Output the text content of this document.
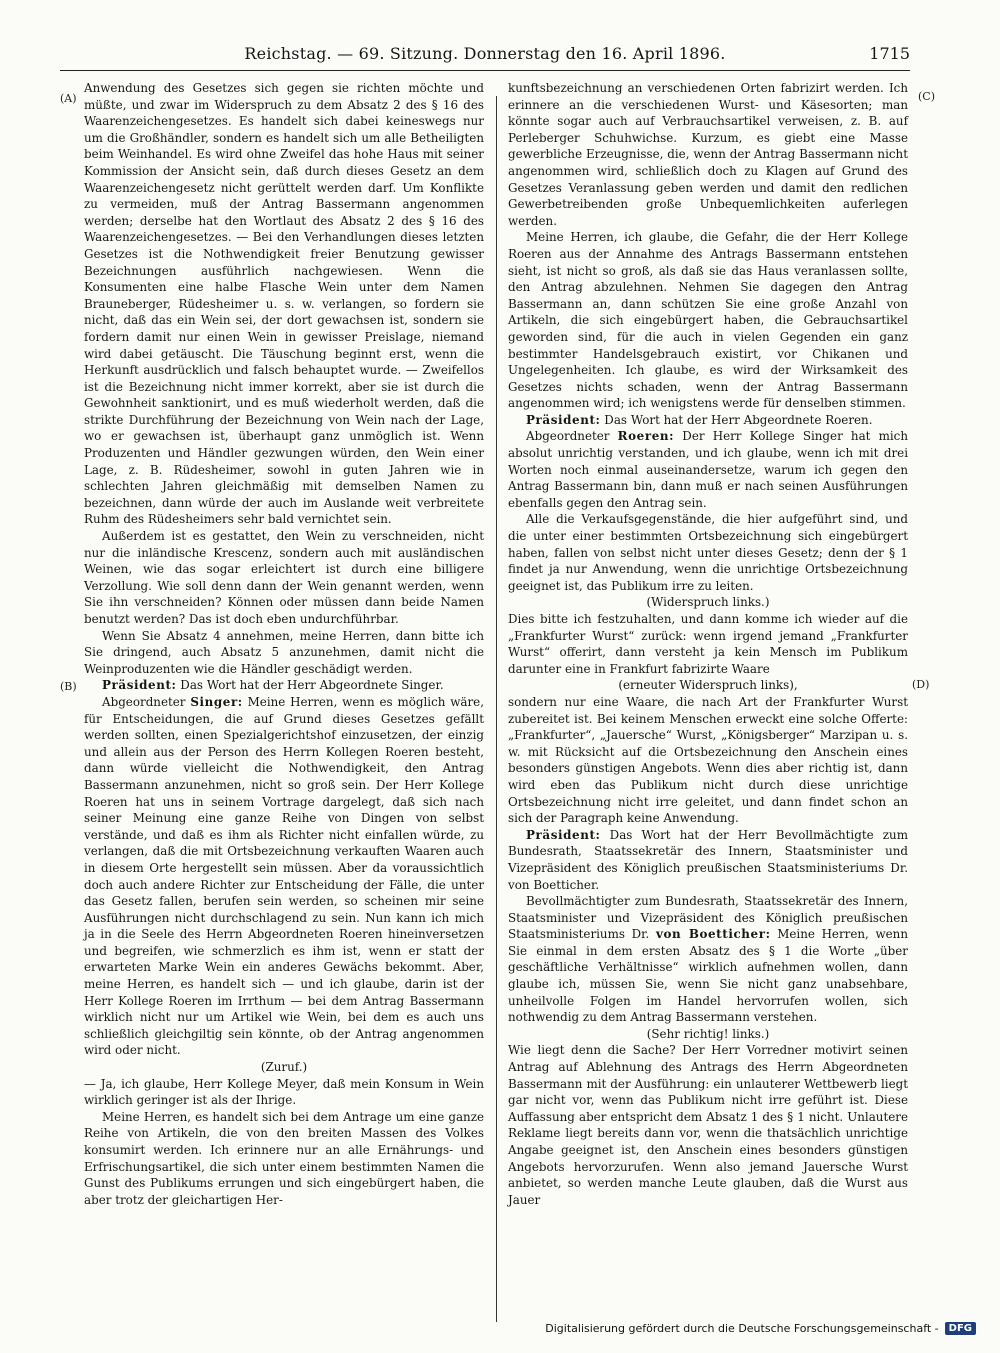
Reichstag. — 69. Sitzung. Donnerstag den 16. April 1896.	1715
(A)
(B)
(C)
(D)

Anwendung des Gesetzes sich gegen sie richten möchte und müßte, und zwar im Widerspruch zu dem Absatz 2 des § 16 des Waarenzeichengesetzes. Es handelt sich dabei keineswegs nur um die Großhändler, sondern es handelt sich um alle Betheiligten beim Weinhandel. Es wird ohne Zweifel das hohe Haus mit seiner Kommission der Ansicht sein, daß durch dieses Gesetz an dem Waarenzeichengesetz nicht gerüttelt werden darf. Um Konflikte zu vermeiden, muß der Antrag Bassermann angenommen werden; derselbe hat den Wortlaut des Absatz 2 des § 16 des Waarenzeichengesetzes. — Bei den Verhandlungen dieses letzten Gesetzes ist die Nothwendigkeit freier Benutzung gewisser Bezeichnungen ausführlich nachgewiesen. Wenn die Konsumenten eine halbe Flasche Wein unter dem Namen Brauneberger, Rüdesheimer u. s. w. verlangen, so fordern sie nicht, daß das ein Wein sei, der dort gewachsen ist, sondern sie fordern damit nur einen Wein in gewisser Preislage, niemand wird dabei getäuscht. Die Täuschung beginnt erst, wenn die Herkunft ausdrücklich und falsch behauptet wurde. — Zweifellos ist die Bezeichnung nicht immer korrekt, aber sie ist durch die Gewohnheit sanktionirt, und es muß wiederholt werden, daß die strikte Durchführung der Bezeichnung von Wein nach der Lage, wo er gewachsen ist, überhaupt ganz unmöglich ist. Wenn Produzenten und Händler gezwungen würden, den Wein einer Lage, z. B. Rüdesheimer, sowohl in guten Jahren wie in schlechten Jahren gleichmäßig mit demselben Namen zu bezeichnen, dann würde der auch im Auslande weit verbreitete Ruhm des Rüdesheimers sehr bald vernichtet sein.

Außerdem ist es gestattet, den Wein zu verschneiden, nicht nur die inländische Krescenz, sondern auch mit ausländischen Weinen, wie das sogar erleichtert ist durch eine billigere Verzollung. Wie soll denn dann der Wein genannt werden, wenn Sie ihn verschneiden? Können oder müssen dann beide Namen benutzt werden? Das ist doch eben undurchführbar.

Wenn Sie Absatz 4 annehmen, meine Herren, dann bitte ich Sie dringend, auch Absatz 5 anzunehmen, damit nicht die Weinproduzenten wie die Händler geschädigt werden.

Präsident: Das Wort hat der Herr Abgeordnete Singer.

Abgeordneter Singer: Meine Herren, wenn es möglich wäre, für Entscheidungen, die auf Grund dieses Gesetzes gefällt werden sollten, einen Spezialgerichtshof einzusetzen, der einzig und allein aus der Person des Herrn Kollegen Roeren besteht, dann würde vielleicht die Nothwendigkeit, den Antrag Bassermann anzunehmen, nicht so groß sein. Der Herr Kollege Roeren hat uns in seinem Vortrage dargelegt, daß sich nach seiner Meinung eine ganze Reihe von Dingen von selbst verstände, und daß es ihm als Richter nicht einfallen würde, zu verlangen, daß die mit Ortsbezeichnung verkauften Waaren auch in diesem Orte hergestellt sein müssen. Aber da voraussichtlich doch auch andere Richter zur Entscheidung der Fälle, die unter das Gesetz fallen, berufen sein werden, so scheinen mir seine Ausführungen nicht durchschlagend zu sein. Nun kann ich mich ja in die Seele des Herrn Abgeordneten Roeren hineinversetzen und begreifen, wie schmerzlich es ihm ist, wenn er statt der erwarteten Marke Wein ein anderes Gewächs bekommt. Aber, meine Herren, es handelt sich — und ich glaube, darin ist der Herr Kollege Roeren im Irrthum — bei dem Antrag Bassermann wirklich nicht nur um Artikel wie Wein, bei dem es auch uns schließlich gleichgiltig sein könnte, ob der Antrag angenommen wird oder nicht.

(Zuruf.)

— Ja, ich glaube, Herr Kollege Meyer, daß mein Konsum in Wein wirklich geringer ist als der Ihrige.

Meine Herren, es handelt sich bei dem Antrage um eine ganze Reihe von Artikeln, die von den breiten Massen des Volkes konsumirt werden. Ich erinnere nur an alle Ernährungs- und Erfrischungsartikel, die sich unter einem bestimmten Namen die Gunst des Publikums errungen und sich eingebürgert haben, die aber trotz der gleichartigen Her-

kunftsbezeichnung an verschiedenen Orten fabrizirt werden. Ich erinnere an die verschiedenen Wurst- und Käsesorten; man könnte sogar auch auf Verbrauchsartikel verweisen, z. B. auf Perleberger Schuhwichse. Kurzum, es giebt eine Masse gewerbliche Erzeugnisse, die, wenn der Antrag Bassermann nicht angenommen wird, schließlich doch zu Klagen auf Grund des Gesetzes Veranlassung geben werden und damit den redlichen Gewerbetreibenden große Unbequemlichkeiten auferlegen werden.

Meine Herren, ich glaube, die Gefahr, die der Herr Kollege Roeren aus der Annahme des Antrags Bassermann entstehen sieht, ist nicht so groß, als daß sie das Haus veranlassen sollte, den Antrag abzulehnen. Nehmen Sie dagegen den Antrag Bassermann an, dann schützen Sie eine große Anzahl von Artikeln, die sich eingebürgert haben, die Gebrauchsartikel geworden sind, für die auch in vielen Gegenden ein ganz bestimmter Handelsgebrauch existirt, vor Chikanen und Ungelegenheiten. Ich glaube, es wird der Wirksamkeit des Gesetzes nichts schaden, wenn der Antrag Bassermann angenommen wird; ich wenigstens werde für denselben stimmen.

Präsident: Das Wort hat der Herr Abgeordnete Roeren.

Abgeordneter Roeren: Der Herr Kollege Singer hat mich absolut unrichtig verstanden, und ich glaube, wenn ich mit drei Worten noch einmal auseinandersetze, warum ich gegen den Antrag Bassermann bin, dann muß er nach seinen Ausführungen ebenfalls gegen den Antrag sein.

Alle die Verkaufsgegenstände, die hier aufgeführt sind, und die unter einer bestimmten Ortsbezeichnung sich eingebürgert haben, fallen von selbst nicht unter dieses Gesetz; denn der § 1 findet ja nur Anwendung, wenn die unrichtige Ortsbezeichnung geeignet ist, das Publikum irre zu leiten.

(Widerspruch links.)

Dies bitte ich festzuhalten, und dann komme ich wieder auf die „Frankfurter Wurst“ zurück: wenn irgend jemand „Frankfurter Wurst“ offerirt, dann versteht ja kein Mensch im Publikum darunter eine in Frankfurt fabrizirte Waare

(erneuter Widerspruch links),

sondern nur eine Waare, die nach Art der Frankfurter Wurst zubereitet ist. Bei keinem Menschen erweckt eine solche Offerte: „Frankfurter“, „Jauersche“ Wurst, „Königsberger“ Marzipan u. s. w. mit Rücksicht auf die Ortsbezeichnung den Anschein eines besonders günstigen Angebots. Wenn dies aber richtig ist, dann wird eben das Publikum nicht durch diese unrichtige Ortsbezeichnung nicht irre geleitet, und dann findet schon an sich der Paragraph keine Anwendung.

Präsident: Das Wort hat der Herr Bevollmächtigte zum Bundesrath, Staatssekretär des Innern, Staatsminister und Vizepräsident des Königlich preußischen Staatsministeriums Dr. von Boetticher.

Bevollmächtigter zum Bundesrath, Staatssekretär des Innern, Staatsminister und Vizepräsident des Königlich preußischen Staatsministeriums Dr. von Boetticher: Meine Herren, wenn Sie einmal in dem ersten Absatz des § 1 die Worte „über geschäftliche Verhältnisse“ wirklich aufnehmen wollen, dann glaube ich, müssen Sie, wenn Sie nicht ganz unabsehbare, unheilvolle Folgen im Handel hervorrufen wollen, sich nothwendig zu dem Antrag Bassermann verstehen.

(Sehr richtig! links.)

Wie liegt denn die Sache? Der Herr Vorredner motivirt seinen Antrag auf Ablehnung des Antrags des Herrn Abgeordneten Bassermann mit der Ausführung: ein unlauterer Wettbewerb liegt gar nicht vor, wenn das Publikum nicht irre geführt ist. Diese Auffassung aber entspricht dem Absatz 1 des § 1 nicht. Unlautere Reklame liegt bereits dann vor, wenn die thatsächlich unrichtige Angabe geeignet ist, den Anschein eines besonders günstigen Angebots hervorzurufen. Wenn also jemand Jauersche Wurst anbietet, so werden manche Leute glauben, daß die Wurst aus Jauer

Digitalisierung gefördert durch die Deutsche Forschungsgemeinschaft -	DFG
